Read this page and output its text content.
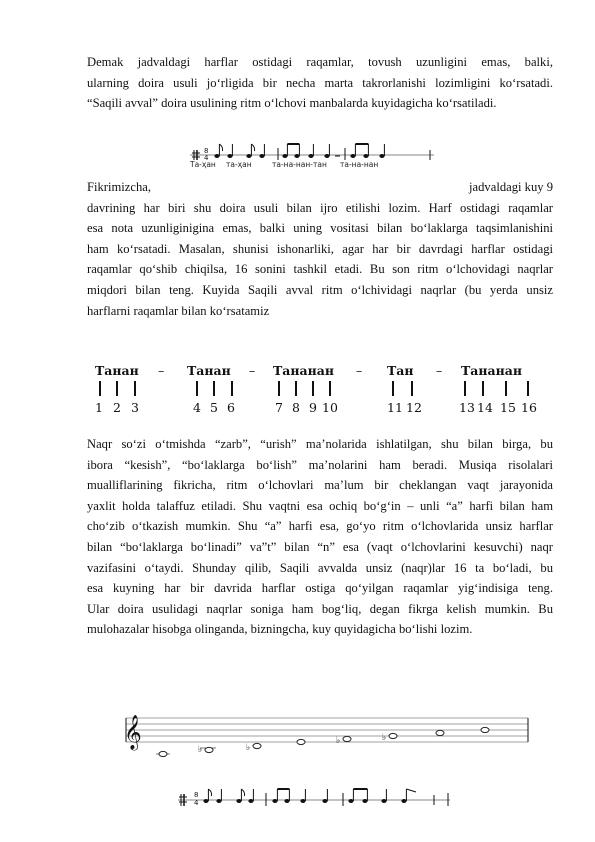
Demak jadvaldagi harflar ostidagi raqamlar, tovush uzunligini emas, balki,
ularning doira usuli jo‘rligida bir necha marta takrorlanishi lozimligini ko‘rsatadi.
“Saqili avval” doira usulining ritm o‘lchovi manbalarda kuyidagicha ko‘rsatiladi.
8
4
Та-ҳан та-ҳан	та-на-нан-тан та-на-нан
Fikrimizcha,	jadvaldagi kuy 9
davrining har biri shu doira usuli bilan ijro etilishi lozim. Harf ostidagi raqamlar
esa nota uzunliginigina emas, balki uning vositasi bilan bo‘laklarga taqsimlanishini
ham ko‘rsatadi. Masalan, shunisi ishonarliki, agar har bir davrdagi harflar ostidagi
raqamlar qo‘shib chiqilsa, 16 sonini tashkil etadi. Bu son ritm o‘lchovidagi naqrlar
miqdori bilan teng. Kuyida Saqili avval ritm o‘lchividagi naqrlar (bu yerda unsiz
harflarni raqamlar bilan ko‘rsatamiz
Танан – Танан – Тананан – Тан – Тананан
1 2 3	4 5 6	7 8 9 10	11 12	13 14 15 16
Naqr so‘zi o‘tmishda “zarb”, “urish” ma’nolarida ishlatilgan, shu bilan birga, bu
ibora “kesish”, “bo‘laklarga bo‘lish” ma’nolarini ham beradi. Musiqa risolalari
mualliflarining fikricha, ritm o‘lchovlari ma’lum bir cheklangan vaqt jarayonida
yaxlit holda talaffuz etiladi. Shu vaqtni esa ochiq bo‘g‘in – unli “a” harfi bilan ham
cho‘zib o‘tkazish mumkin. Shu “a” harfi esa, go‘yo ritm o‘lchovlarida unsiz harflar
bilan “bo‘laklarga bo‘linadi” va”t” bilan “n” esa (vaqt o‘lchovlarini kesuvchi) naqr
vazifasini o‘taydi. Shunday qilib, Saqili avvalda unsiz (naqr)lar 16 ta bo‘ladi, bu
esa kuyning har bir davrida harflar ostiga qo‘yilgan raqamlar yig‘indisiga teng.
Ular doira usulidagi naqrlar soniga ham bog‘liq, degan fikrga kelish mumkin. Bu
mulohazalar hisobga olinganda, bizningcha, kuy quyidagicha bo‘lishi lozim.
𝄞	♭	♭
♭	♭
8
4
